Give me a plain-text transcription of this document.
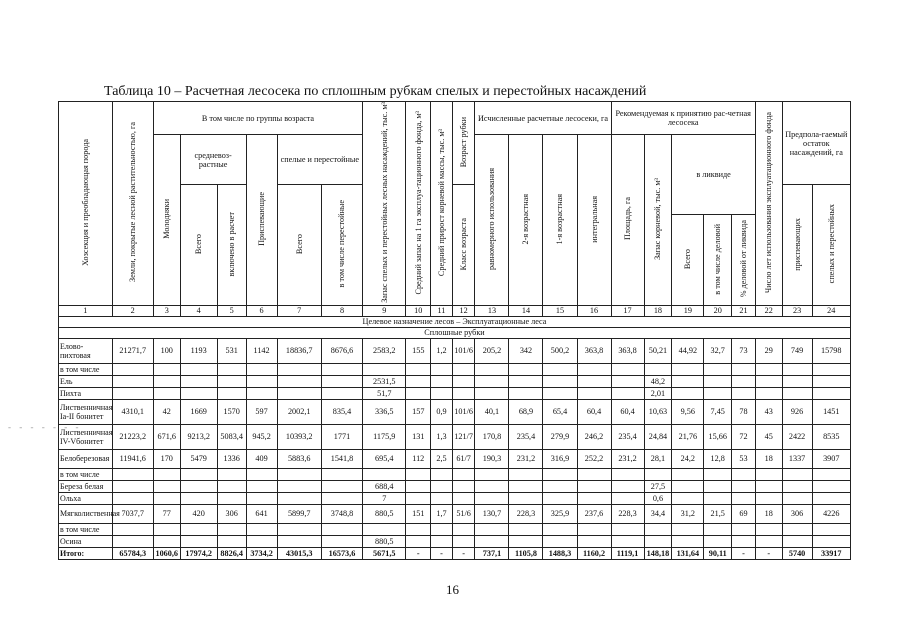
Таблица 10 – Расчетная лесосека по сплошным рубкам спелых и перестойных насаждений
- - - - - - -
Хозсекция и преобладающая порода	Земли, покрытые лесной растительностью, га	В том числе по группы возраста						Запас спелых и перестойных лесных насаждений, тыс. м³	Средний запас на 1 га эксплуа-тационного фонда, м³	Средний прирост корневой массы, тыс. м³	Возраст рубки	Исчисленные расчетные лесосеки, га				Рекомендуемая к принятию рас-четная лесосека					Число лет использования эксплуатационного фонда	Предпола-гаемый остаток насаждений, га	
		Молодняки	средневоз-растные		Приспевающие	спелые и перестойные						равномерного использования	2-я возрастная	1-я возрастная	интегральная	Площадь, га	Запас корневой, тыс. м³	в ликвиде					
			Всего	включено в расчет		Всего	в том числе перестойные				Класс возраста											приспевающих	спелых и перестойных
																		Всего	в том числе деловой	% деловой от ликвида			
1	2	3	4	5	6	7	8	9	10	11	12	13	14	15	16	17	18	19	20	21	22	23	24
Целевое назначение лесов – Эксплуатационные леса																							
Сплошные рубки																							
Елово-пихтовая	21271,7	100	1193	531	1142	18836,7	8676,6	2583,2	155	1,2	101/6	205,2	342	500,2	363,8	363,8	50,21	44,92	32,7	73	29	749	15798
в том числе																							
Ель								2531,5									48,2						
Пихта								51,7									2,01						
Лиственничная Iа-II бонитет	4310,1	42	1669	1570	597	2002,1	835,4	336,5	157	0,9	101/6	40,1	68,9	65,4	60,4	60,4	10,63	9,56	7,45	78	43	926	1451
Лиственничная IV-Vбонитет	21223,2	671,6	9213,2	5083,4	945,2	10393,2	1771	1175,9	131	1,3	121/7	170,8	235,4	279,9	246,2	235,4	24,84	21,76	15,66	72	45	2422	8535
Белоберезовая	11941,6	170	5479	1336	409	5883,6	1541,8	695,4	112	2,5	61/7	190,3	231,2	316,9	252,2	231,2	28,1	24,2	12,8	53	18	1337	3907
в том числе																							
Береза белая								688,4									27,5						
Ольха								7									0,6						
Мягколиственная	7037,7	77	420	306	641	5899,7	3748,8	880,5	151	1,7	51/6	130,7	228,3	325,9	237,6	228,3	34,4	31,2	21,5	69	18	306	4226
в том числе																							
Осина								880,5															
Итого:	65784,3	1060,6	17974,2	8826,4	3734,2	43015,3	16573,6	5671,5	-	-	-	737,1	1105,8	1488,3	1160,2	1119,1	148,18	131,64	90,11	-	-	5740	33917
16
